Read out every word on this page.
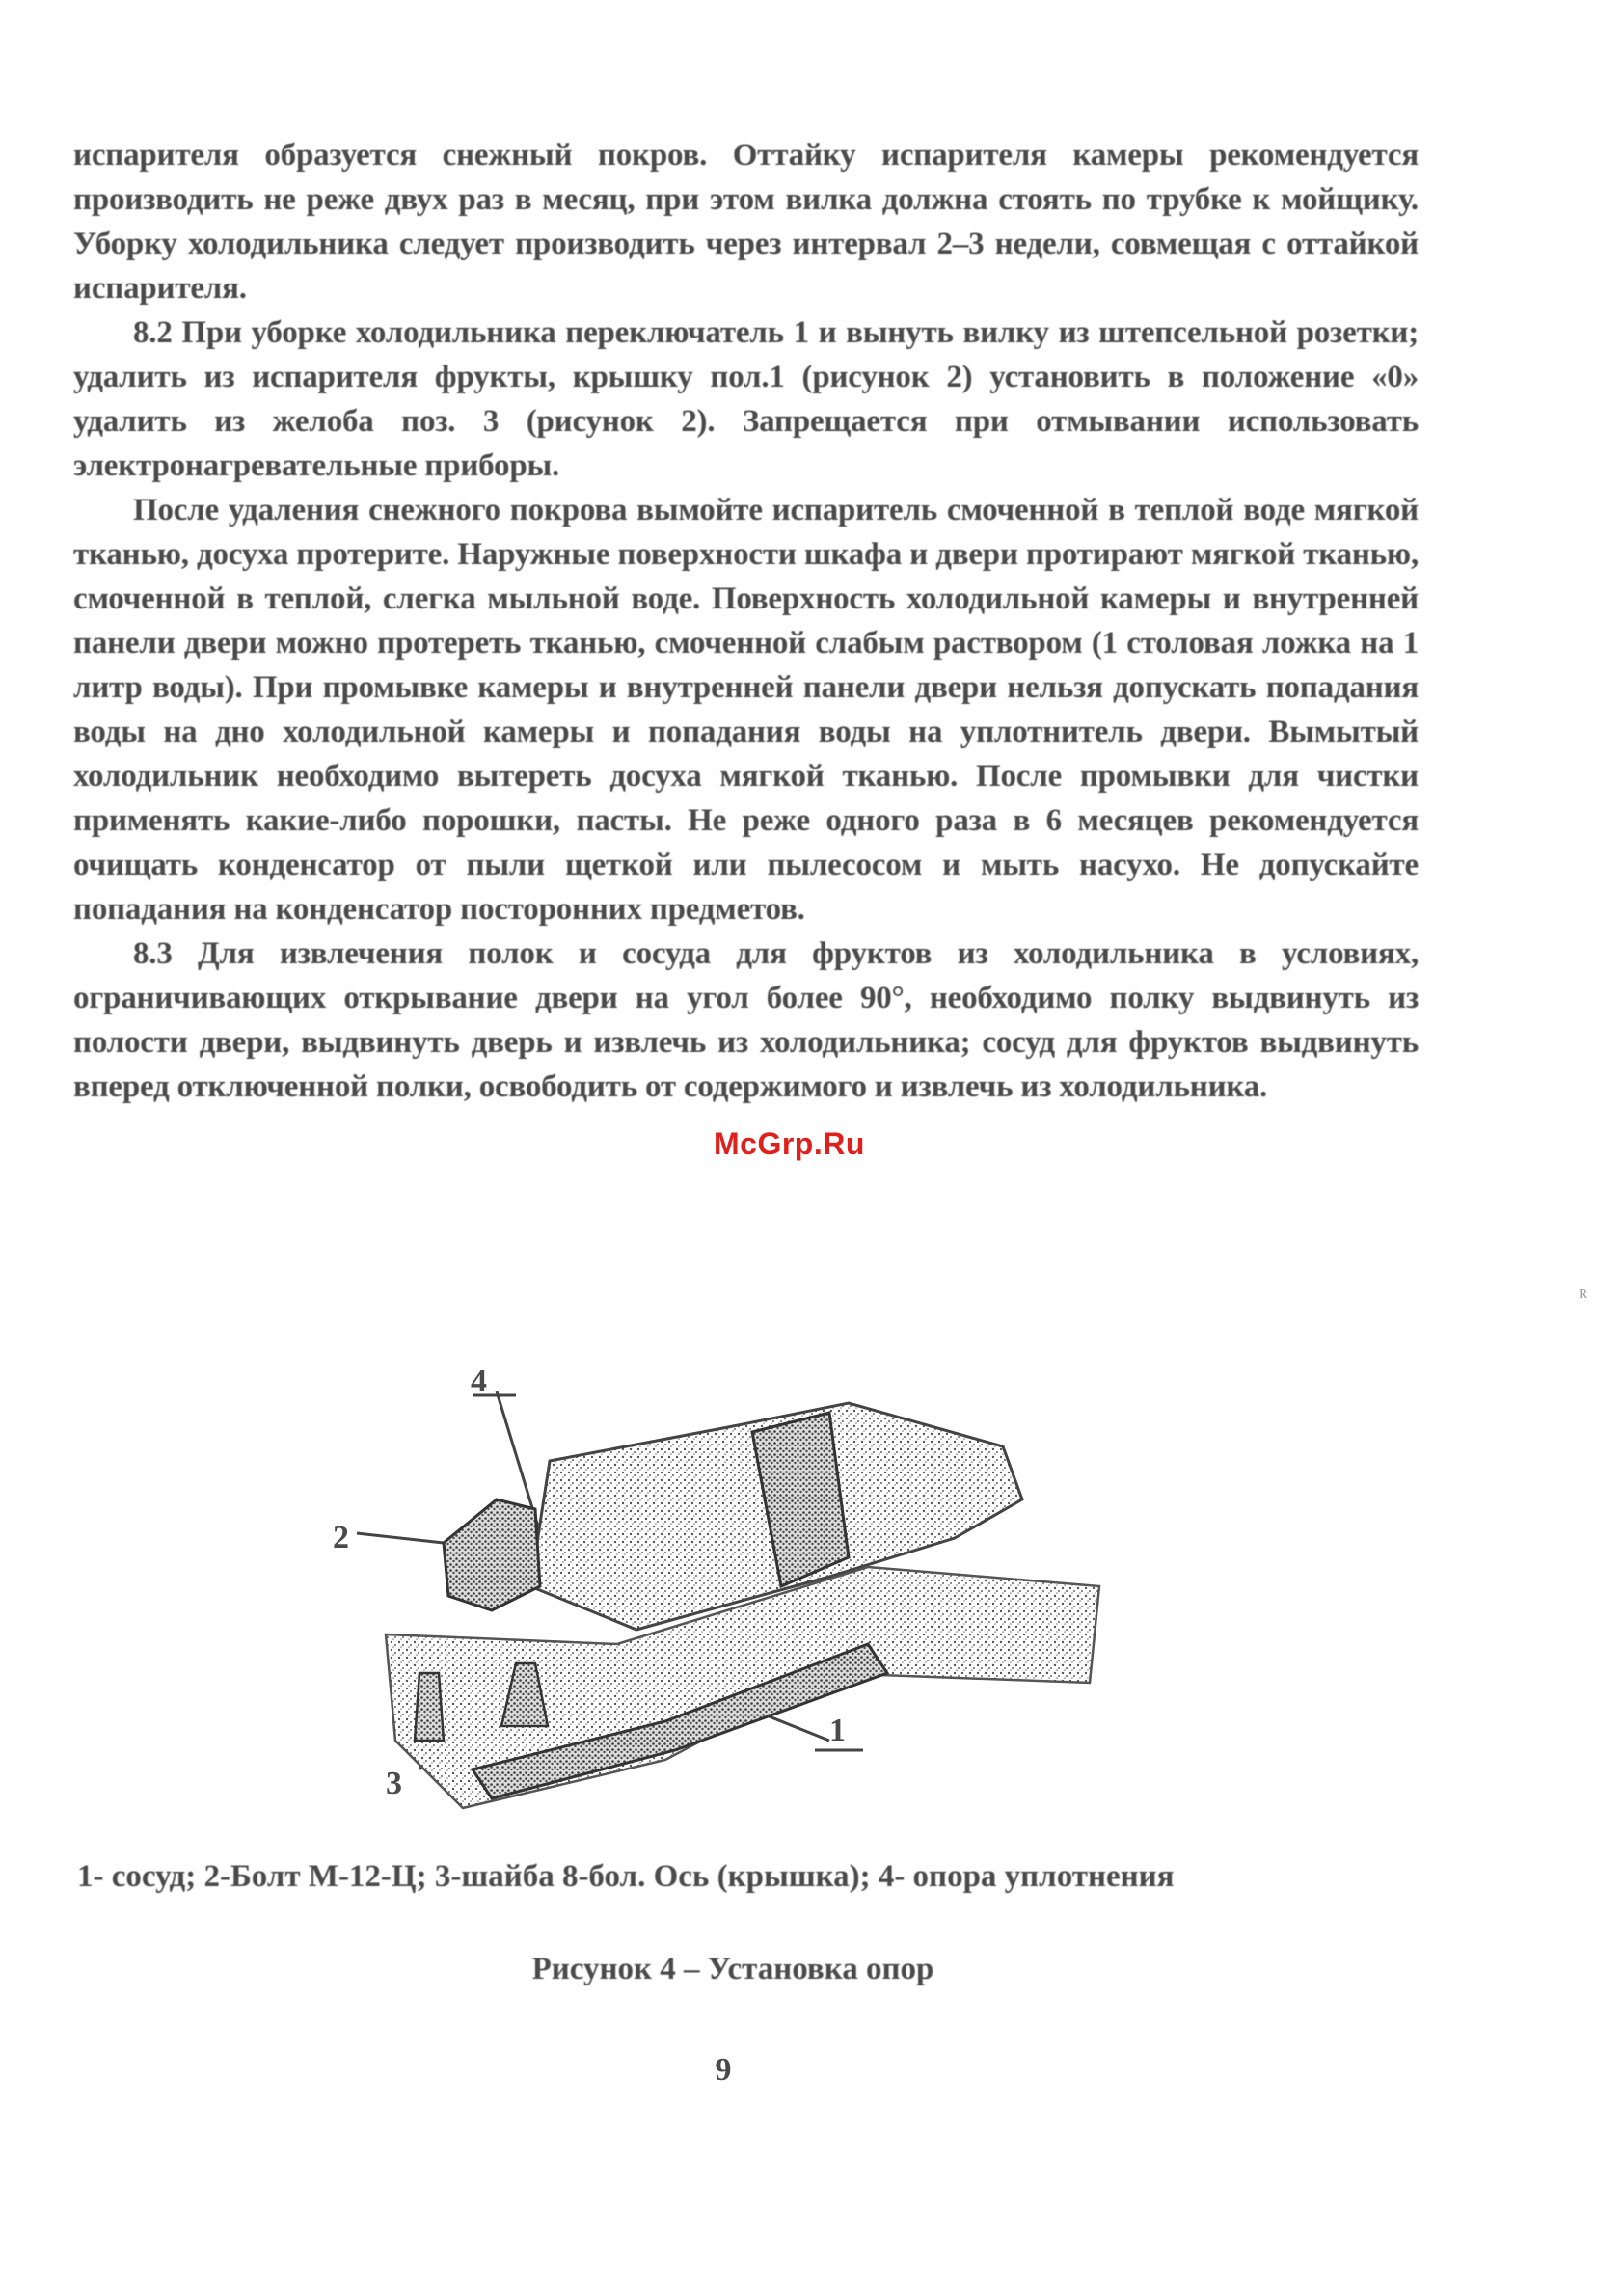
испарителя образуется снежный покров. Оттайку испарителя камеры рекомендуется производить не реже двух раз в месяц, при этом вилка должна стоять по трубке к мойщику. Уборку холодильника следует производить через интервал 2–3 недели, совмещая с оттайкой испарителя.

8.2 При уборке холодильника переключатель 1 и вынуть вилку из штепсельной розетки; удалить из испарителя фрукты, крышку пол.1 (рисунок 2) установить в положение «0» удалить из желоба поз. 3 (рисунок 2). Запрещается при отмывании использовать электронагревательные приборы.

После удаления снежного покрова вымойте испаритель смоченной в теплой воде мягкой тканью, досуха протерите. Наружные поверхности шкафа и двери протирают мягкой тканью, смоченной в теплой, слегка мыльной воде. Поверхность холодильной камеры и внутренней панели двери можно протереть тканью, смоченной слабым раствором (1 столовая ложка на 1 литр воды). При промывке камеры и внутренней панели двери нельзя допускать попадания воды на дно холодильной камеры и попадания воды на уплотнитель двери. Вымытый холодильник необходимо вытереть досуха мягкой тканью. После промывки для чистки применять какие-либо порошки, пасты. Не реже одного раза в 6 месяцев рекомендуется очищать конденсатор от пыли щеткой или пылесосом и мыть насухо. Не допускайте попадания на конденсатор посторонних предметов.

8.3 Для извлечения полок и сосуда для фруктов из холодильника в условиях, ограничивающих открывание двери на угол более 90°, необходимо полку выдвинуть из полости двери, выдвинуть дверь и извлечь из холодильника; сосуд для фруктов выдвинуть вперед отключенной полки, освободить от содержимого и извлечь из холодильника.

McGrp.Ru
R
4
2
3
1
1- сосуд; 2-Болт М-12-Ц; 3-шайба 8-бол. Ось (крышка); 4- опора уплотнения
Рисунок 4 – Установка опор
9
